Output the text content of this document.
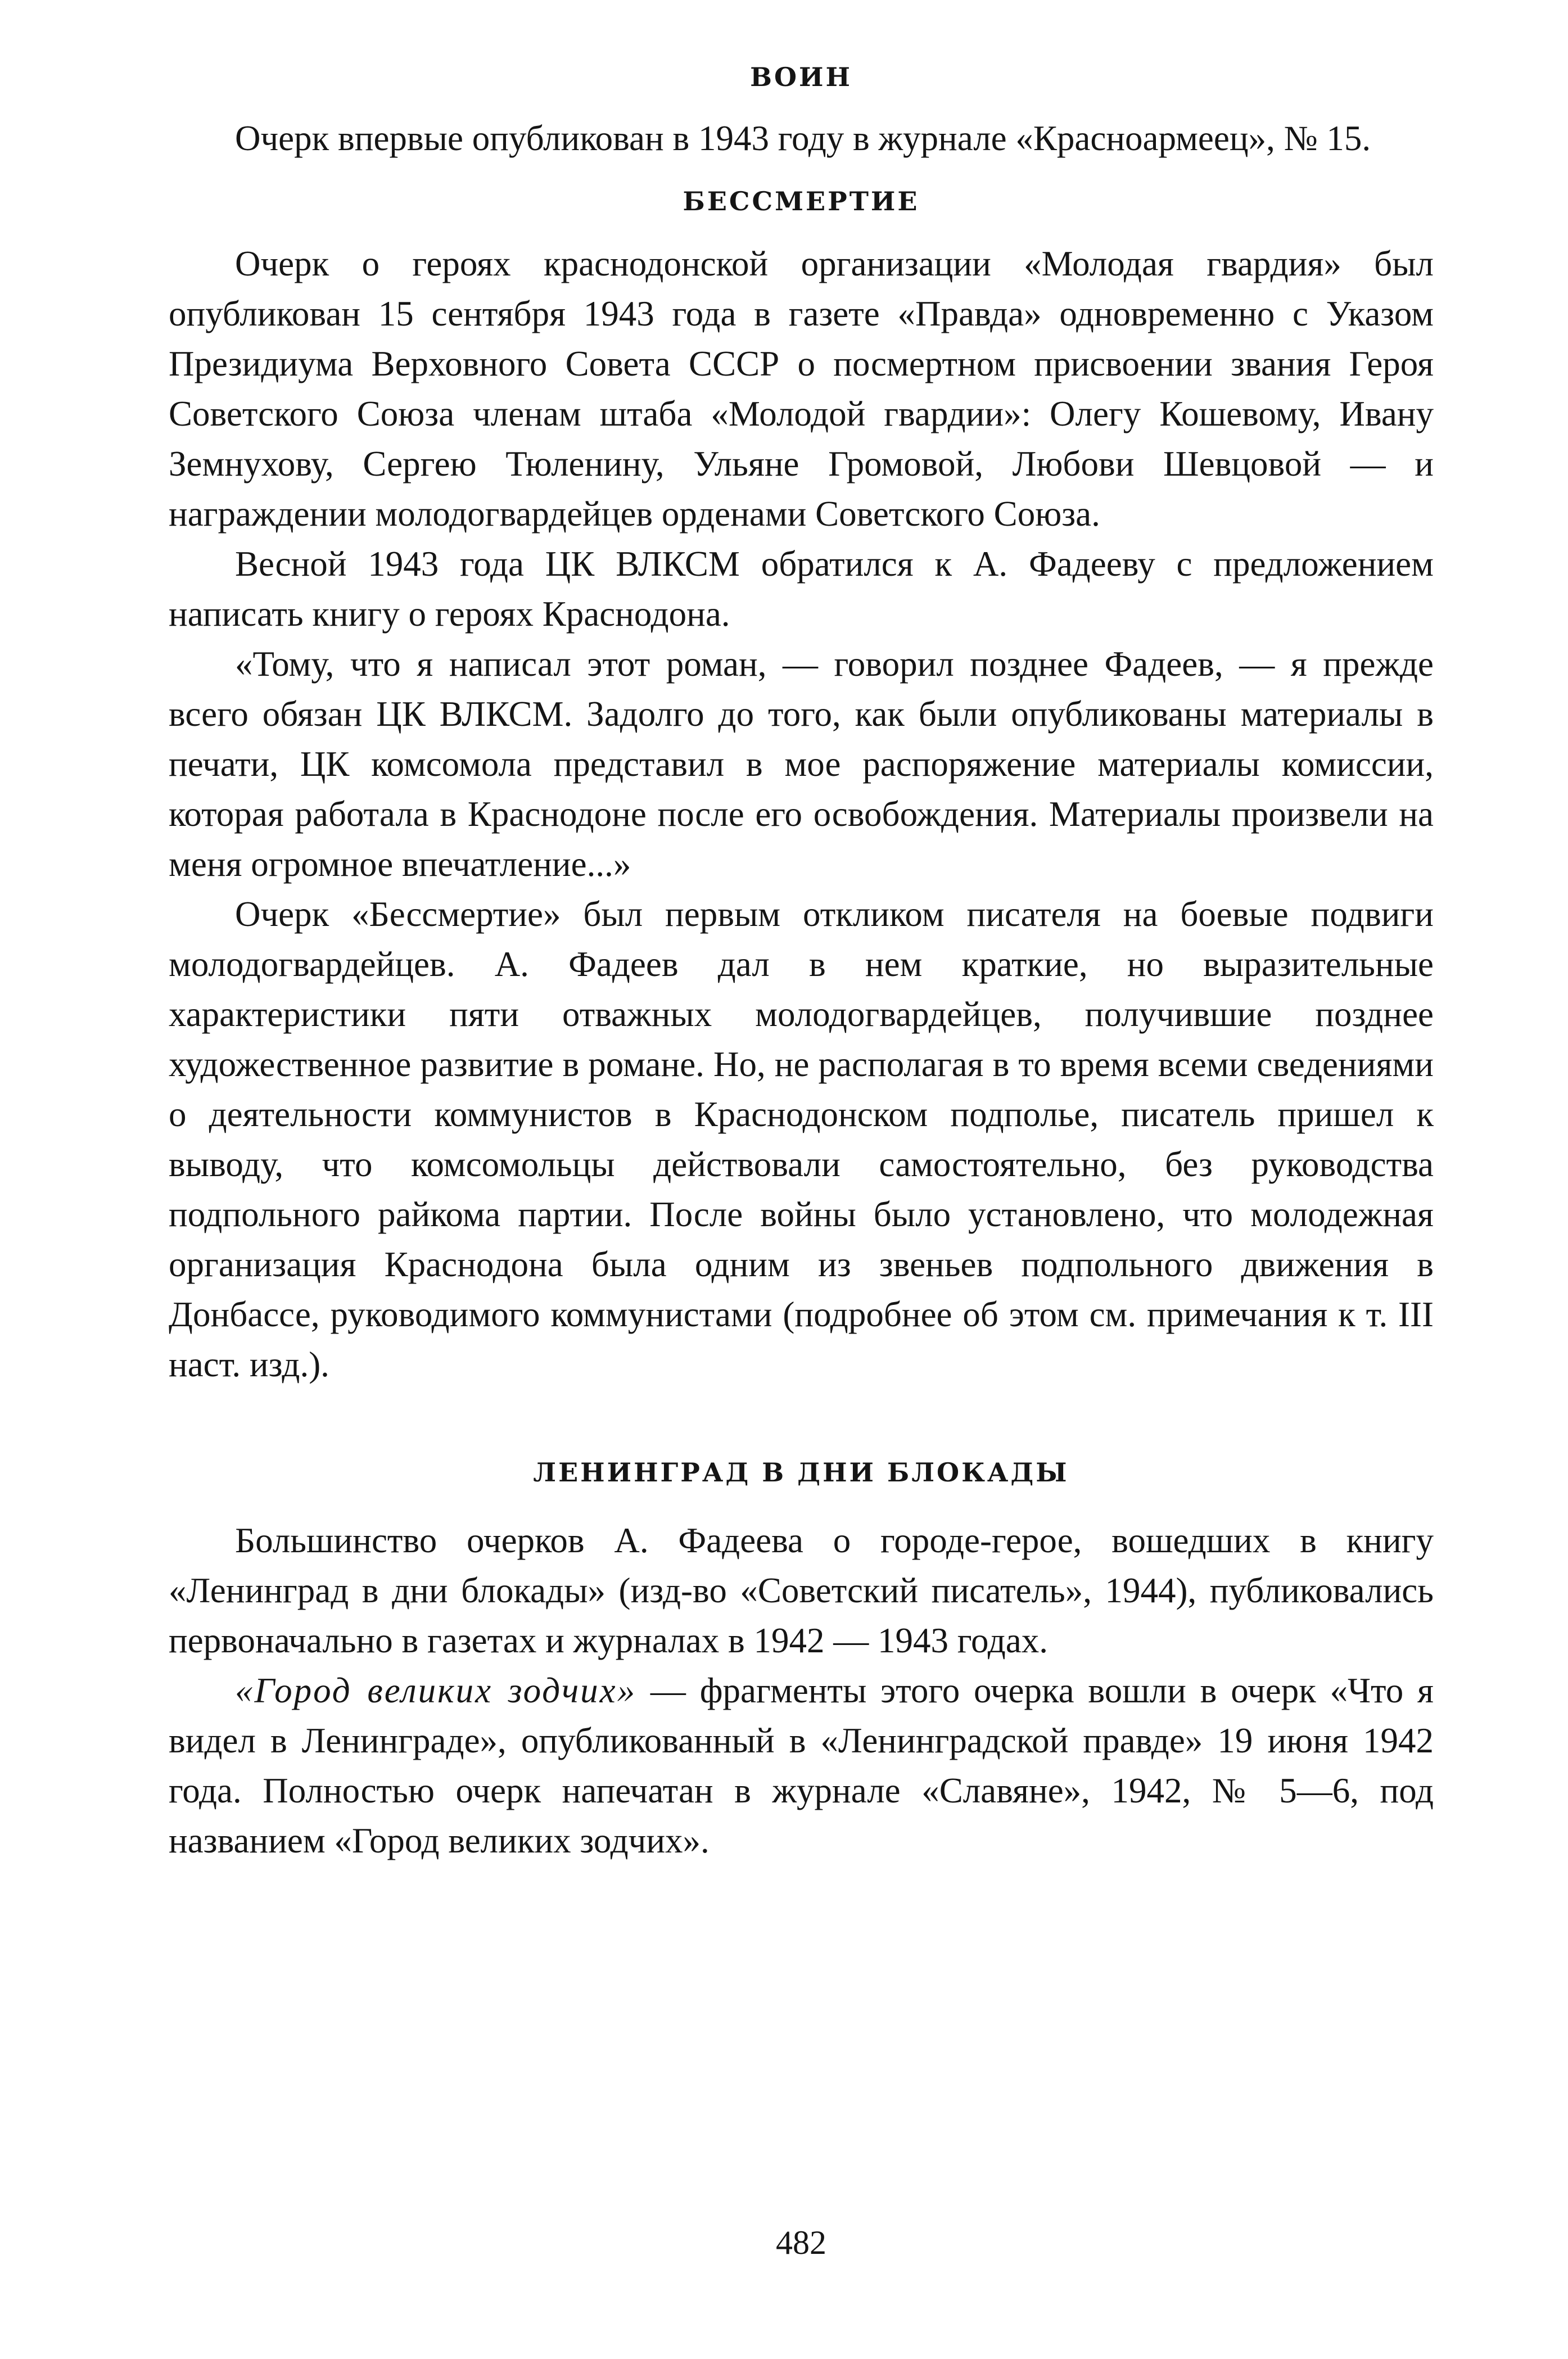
ВОИН

Очерк впервые опубликован в 1943 году в журнале «Красноармеец», № 15.

БЕССМЕРТИЕ

Очерк о героях краснодонской организации «Молодая гвардия» был опубликован 15 сентября 1943 года в газете «Правда» одновременно с Указом Президиума Верховного Совета СССР о посмертном присвоении звания Героя Советского Союза членам штаба «Молодой гвардии»: Олегу Кошевому, Ивану Земнухову, Сергею Тюленину, Ульяне Громовой, Любови Шевцовой — и награждении молодогвардейцев орденами Советского Союза.

Весной 1943 года ЦК ВЛКСМ обратился к А. Фадееву с предложением написать книгу о героях Краснодона.

«Тому, что я написал этот роман, — говорил позднее Фадеев, — я прежде всего обязан ЦК ВЛКСМ. Задолго до того, как были опубликованы материалы в печати, ЦК комсомола представил в мое распоряжение материалы комиссии, которая работала в Краснодоне после его освобождения. Материалы произвели на меня огромное впечатление...»

Очерк «Бессмертие» был первым откликом писателя на боевые подвиги молодогвардейцев. А. Фадеев дал в нем краткие, но выразительные характеристики пяти отважных молодогвардейцев, получившие позднее художественное развитие в романе. Но, не располагая в то время всеми сведениями о деятельности коммунистов в Краснодонском подполье, писатель пришел к выводу, что комсомольцы действовали самостоятельно, без руководства подпольного райкома партии. После войны было установлено, что молодежная организация Краснодона была одним из звеньев подпольного движения в Донбассе, руководимого коммунистами (подробнее об этом см. примечания к т. III наст. изд.).

ЛЕНИНГРАД В ДНИ БЛОКАДЫ

Большинство очерков А. Фадеева о городе-герое, вошедших в книгу «Ленинград в дни блокады» (изд-во «Советский писатель», 1944), публиковались первоначально в газетах и журналах в 1942 — 1943 годах.

«Город великих зодчих» — фрагменты этого очерка вошли в очерк «Что я видел в Ленинграде», опубликованный в «Ленинградской правде» 19 июня 1942 года. Полностью очерк напечатан в журнале «Славяне», 1942, № 5—6, под названием «Город великих зодчих».

482
